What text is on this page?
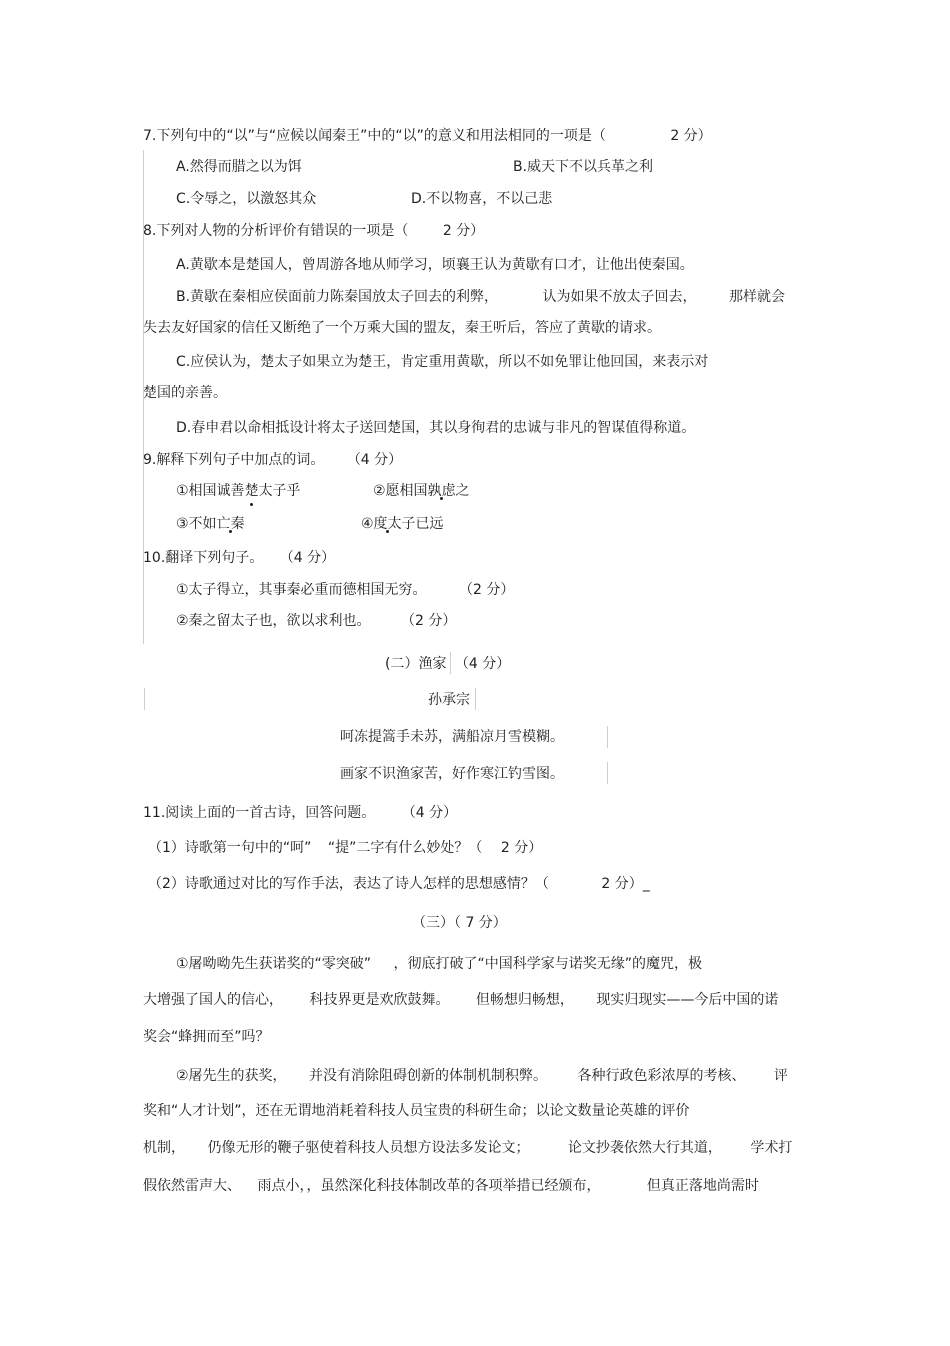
7.下列句中的“以”与“应候以闻秦王”中的“以”的意义和用法相同的一项是（	2 分）
A.然得而腊之以为饵	B.威天下不以兵革之利
C.令辱之，以激怒其众	D.不以物喜，不以己悲
8.下列对人物的分析评价有错误的一项是（ 2 分）
A.黄歇本是楚国人，曾周游各地从师学习，顷襄王认为黄歇有口才，让他出使秦国。
B.黄歇在秦相应侯面前力陈秦国放太子回去的利弊，	认为如果不放太子回去， 那样就会
失去友好国家的信任又断绝了一个万乘大国的盟友，秦王听后，答应了黄歇的请求。
C.应侯认为，楚太子如果立为楚王，肯定重用黄歇，所以不如免罪让他回国，来表示对
楚国的亲善。
D.春申君以命相抵设计将太子送回楚国，其以身徇君的忠诚与非凡的智谋值得称道。
9.解释下列句子中加点的词。 （4 分）
①相国诚善楚太子乎	②愿相国孰虑之
③不如亡秦	④度太子已远
10.翻译下列句子。 （4 分）
①太子得立，其事秦必重而德相国无穷。 （2 分）
②秦之留太子也，欲以求利也。 （2 分）
(二）渔家 （4 分）
孙承宗
呵冻提篙手未苏，满船凉月雪模糊。
画家不识渔家苦，好作寒江钓雪图。
11.阅读上面的一首古诗，回答问题。 （4 分）
（1）诗歌第一句中的“呵” “提”二字有什么妙处？（ 2 分）
（2）诗歌通过对比的写作手法，表达了诗人怎样的思想感情？（	2 分）_
（三）（ 7 分）
①屠呦呦先生获诺奖的“零突破” ，彻底打破了“中国科学家与诺奖无缘”的魔咒，极
大增强了国人的信心， 科技界更是欢欣鼓舞。 但畅想归畅想， 现实归现实——今后中国的诺
奖会“蜂拥而至”吗？
②屠先生的获奖， 并没有消除阻碍创新的体制机制积弊。 各种行政色彩浓厚的考核、 评
奖和“人才计划”，还在无谓地消耗着科技人员宝贵的科研生命；以论文数量论英雄的评价
机制， 仍像无形的鞭子驱使着科技人员想方设法多发论文；	论文抄袭依然大行其道， 学术打
假依然雷声大、 雨点小，，虽然深化科技体制改革的各项举措已经颁布，	但真正落地尚需时
